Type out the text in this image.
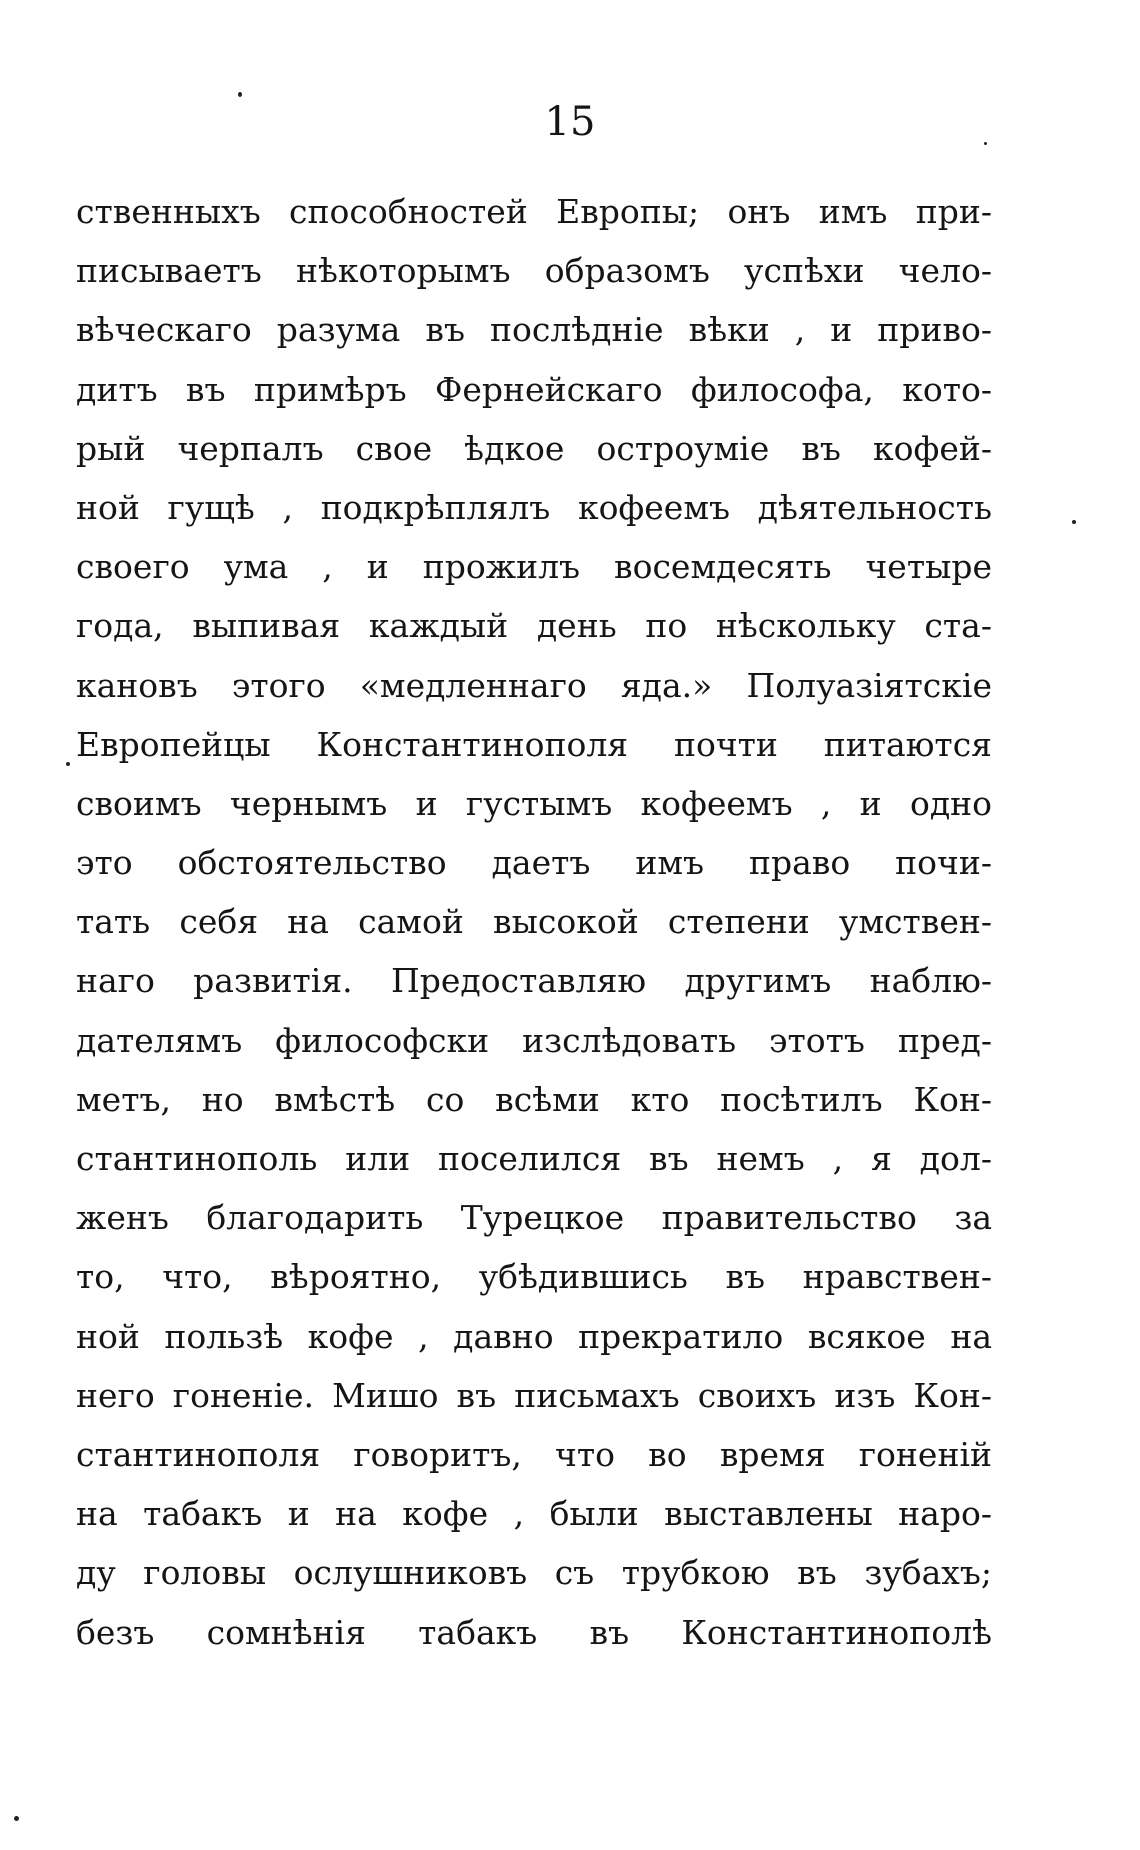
15
ственныхъ способностей Европы; онъ имъ при-
писываетъ нѣкоторымъ образомъ успѣхи чело-
вѣческаго разума въ послѣдніе вѣки , и приво-
дитъ въ примѣръ Фернейскаго философа, кото-
рый черпалъ свое ѣдкое остроуміе въ кофей-
ной гущѣ , подкрѣплялъ кофеемъ дѣятельность
своего ума , и прожилъ восемдесять четыре
года, выпивая каждый день по нѣскольку ста-
кановъ этого «медленнаго яда.» Полуазіятскіе
Европейцы Константинополя почти питаются
своимъ чернымъ и густымъ кофеемъ , и одно
это обстоятельство даетъ имъ право почи-
тать себя на самой высокой степени умствен-
наго развитія. Предоставляю другимъ наблю-
дателямъ философски изслѣдовать этотъ пред-
метъ, но вмѣстѣ со всѣми кто посѣтилъ Кон-
стантинополь или поселился въ немъ , я дол-
женъ благодарить Турецкое правительство за
то, что, вѣроятно, убѣдившись въ нравствен-
ной пользѣ кофе , давно прекратило всякое на
него гоненіе. Мишо въ письмахъ своихъ изъ Кон-
стантинополя говоритъ, что во время гоненій
на табакъ и на кофе , были выставлены наро-
ду головы ослушниковъ съ трубкою въ зубахъ;
безъ сомнѣнія табакъ въ Константинополѣ
